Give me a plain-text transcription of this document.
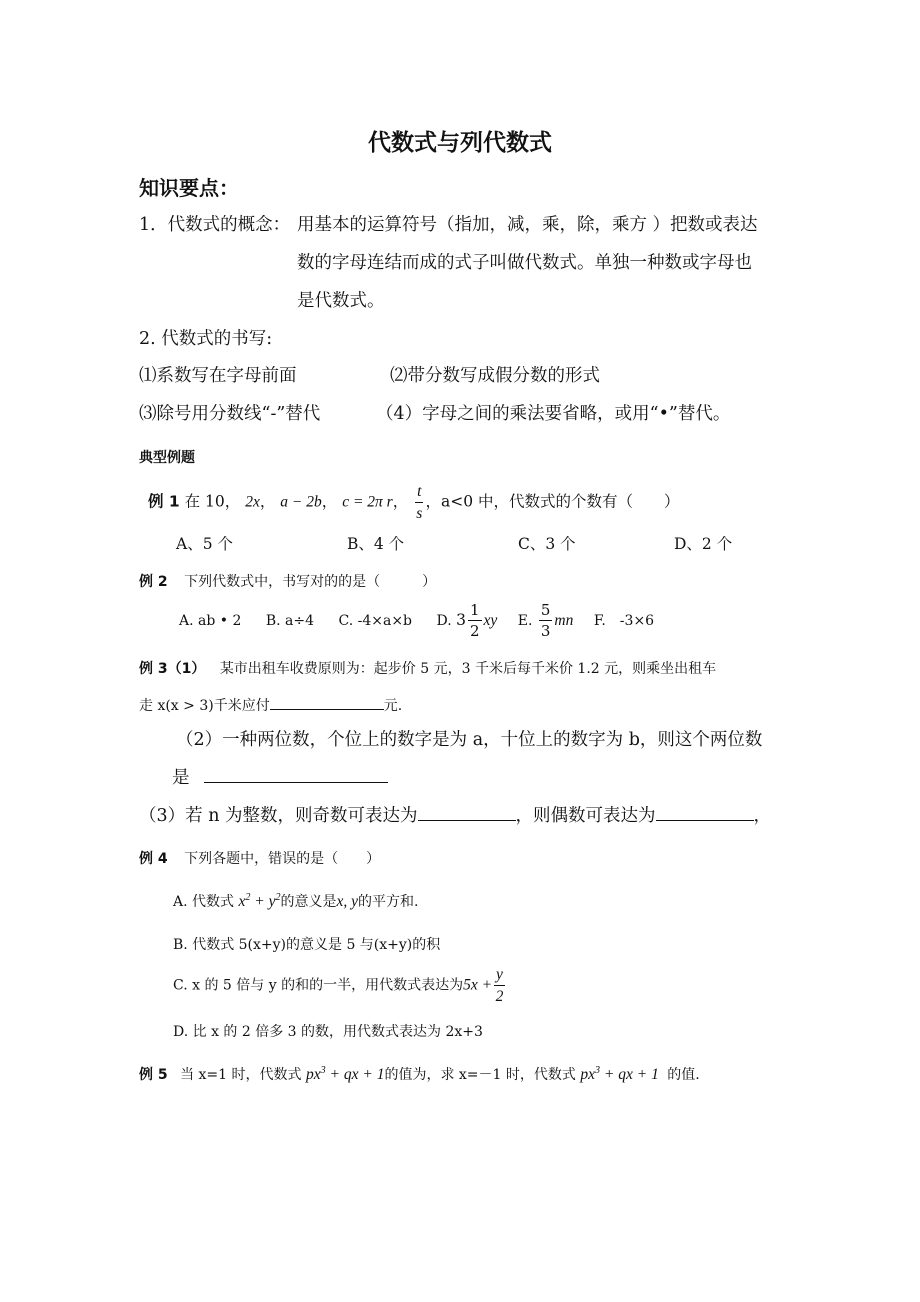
代数式与列代数式
知识要点：
1．代数式的概念： 用基本的运算符号（指加，减，乘，除，乘方 ）把数或表达
数的字母连结而成的式子叫做代数式。单独一种数或字母也
是代数式。
2. 代数式的书写:
⑴系数写在字母前面	⑵带分数写成假分数的形式
⑶除号用分数线“-”替代	（4）字母之间的乘法要省略，或用“•”替代。
典型例题
例 1 在 10， 2x， a − 2b， c = 2π r， $\frac{t}{s}$ ，a<0 中，代数式的个数有（　　）
A、5 个	B、4 个	C、3 个	D、2 个
例 2 下列代数式中，书写对的的是（　　　）
A. ab • 2 B. a÷4 C. -4×a×b D. $3 \frac{1}{2}$ xy E. $\frac{5}{3}$ mn F.　-3×6
例 3（1） 某市出租车收费原则为：起步价 5 元，3 千米后每千米价 1.2 元，则乘坐出租车
走 x(x > 3)千米应付	元.
（2）一种两位数，个位上的数字是为 a，十位上的数字为 b，则这个两位数
是
（3）若 n 为整数，则奇数可表达为	，则偶数可表达为	，
例 4 下列各题中，错误的是（　　）
A. 代数式 $x^2 + y^2$的意义是x, y的平方和.
B. 代数式 5(x+y)的意义是 5 与(x+y)的积
C. x 的 5 倍与 y 的和的一半，用代数式表达为$5x + \frac{y}{2}$
D. 比 x 的 2 倍多 3 的数，用代数式表达为 2x+3
例 5 当 x=1 时，代数式 $px^3$ + qx + 1的值为，求 x=－1 时，代数式 $px^3$ + qx + 1 的值.
